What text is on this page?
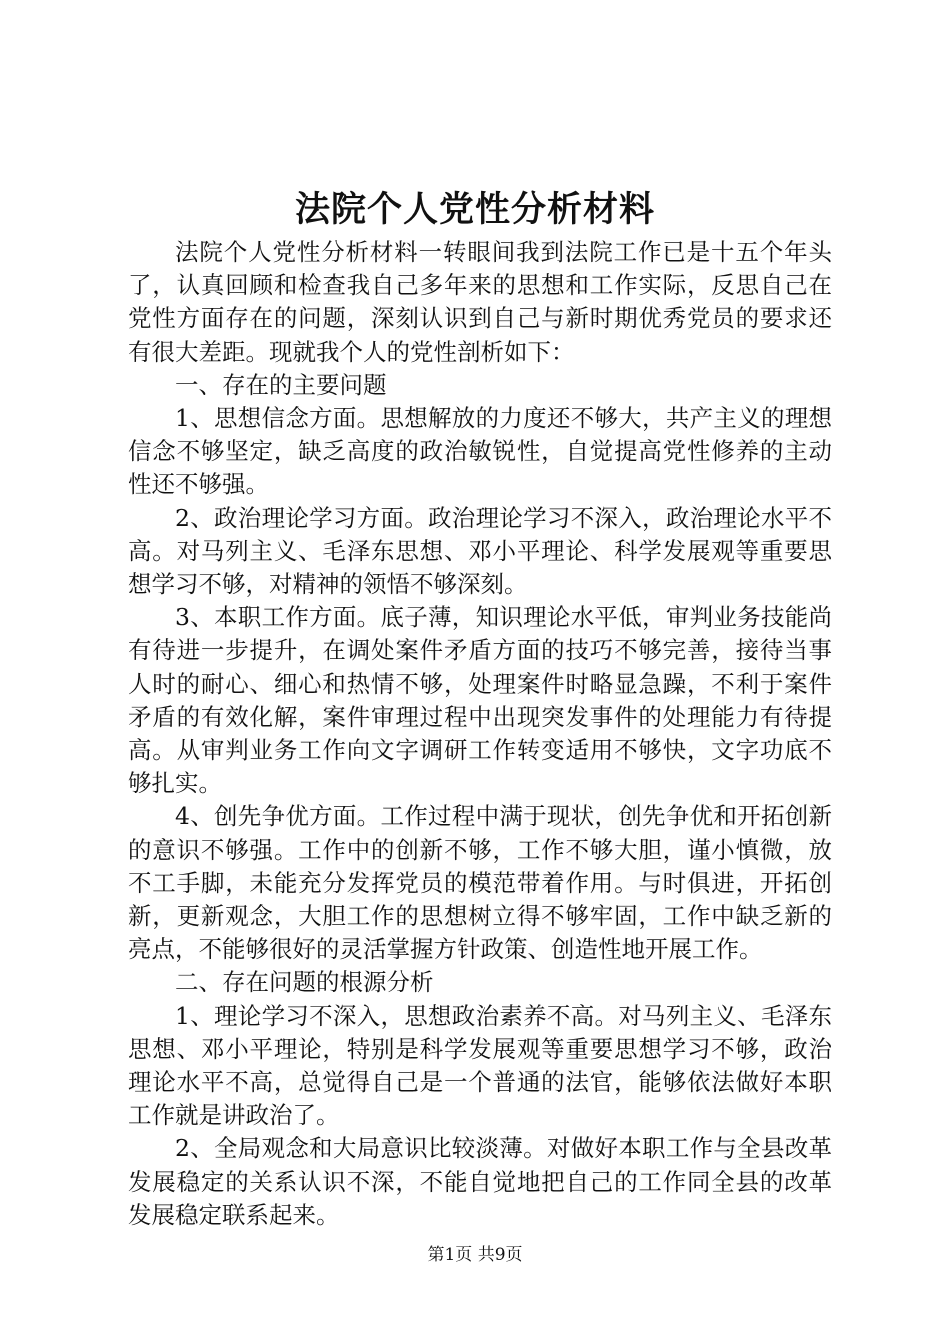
法院个人党性分析材料

法院个人党性分析材料一转眼间我到法院工作已是十五个年头了，认真回顾和检查我自己多年来的思想和工作实际，反思自己在党性方面存在的问题，深刻认识到自己与新时期优秀党员的要求还有很大差距。现就我个人的党性剖析如下：

一、存在的主要问题

1、思想信念方面。思想解放的力度还不够大，共产主义的理想信念不够坚定，缺乏高度的政治敏锐性，自觉提高党性修养的主动性还不够强。

2、政治理论学习方面。政治理论学习不深入，政治理论水平不高。对马列主义、毛泽东思想、邓小平理论、科学发展观等重要思想学习不够，对精神的领悟不够深刻。

3、本职工作方面。底子薄，知识理论水平低，审判业务技能尚有待进一步提升，在调处案件矛盾方面的技巧不够完善，接待当事人时的耐心、细心和热情不够，处理案件时略显急躁，不利于案件矛盾的有效化解，案件审理过程中出现突发事件的处理能力有待提高。从审判业务工作向文字调研工作转变适用不够快，文字功底不够扎实。

4、创先争优方面。工作过程中满于现状，创先争优和开拓创新的意识不够强。工作中的创新不够，工作不够大胆，谨小慎微，放不工手脚，未能充分发挥党员的模范带着作用。与时俱进，开拓创新，更新观念，大胆工作的思想树立得不够牢固，工作中缺乏新的亮点，不能够很好的灵活掌握方针政策、创造性地开展工作。

二、存在问题的根源分析

1、理论学习不深入，思想政治素养不高。对马列主义、毛泽东思想、邓小平理论，特别是科学发展观等重要思想学习不够，政治理论水平不高，总觉得自己是一个普通的法官，能够依法做好本职工作就是讲政治了。

2、全局观念和大局意识比较淡薄。对做好本职工作与全县改革发展稳定的关系认识不深，不能自觉地把自己的工作同全县的改革发展稳定联系起来。

第1页 共9页
